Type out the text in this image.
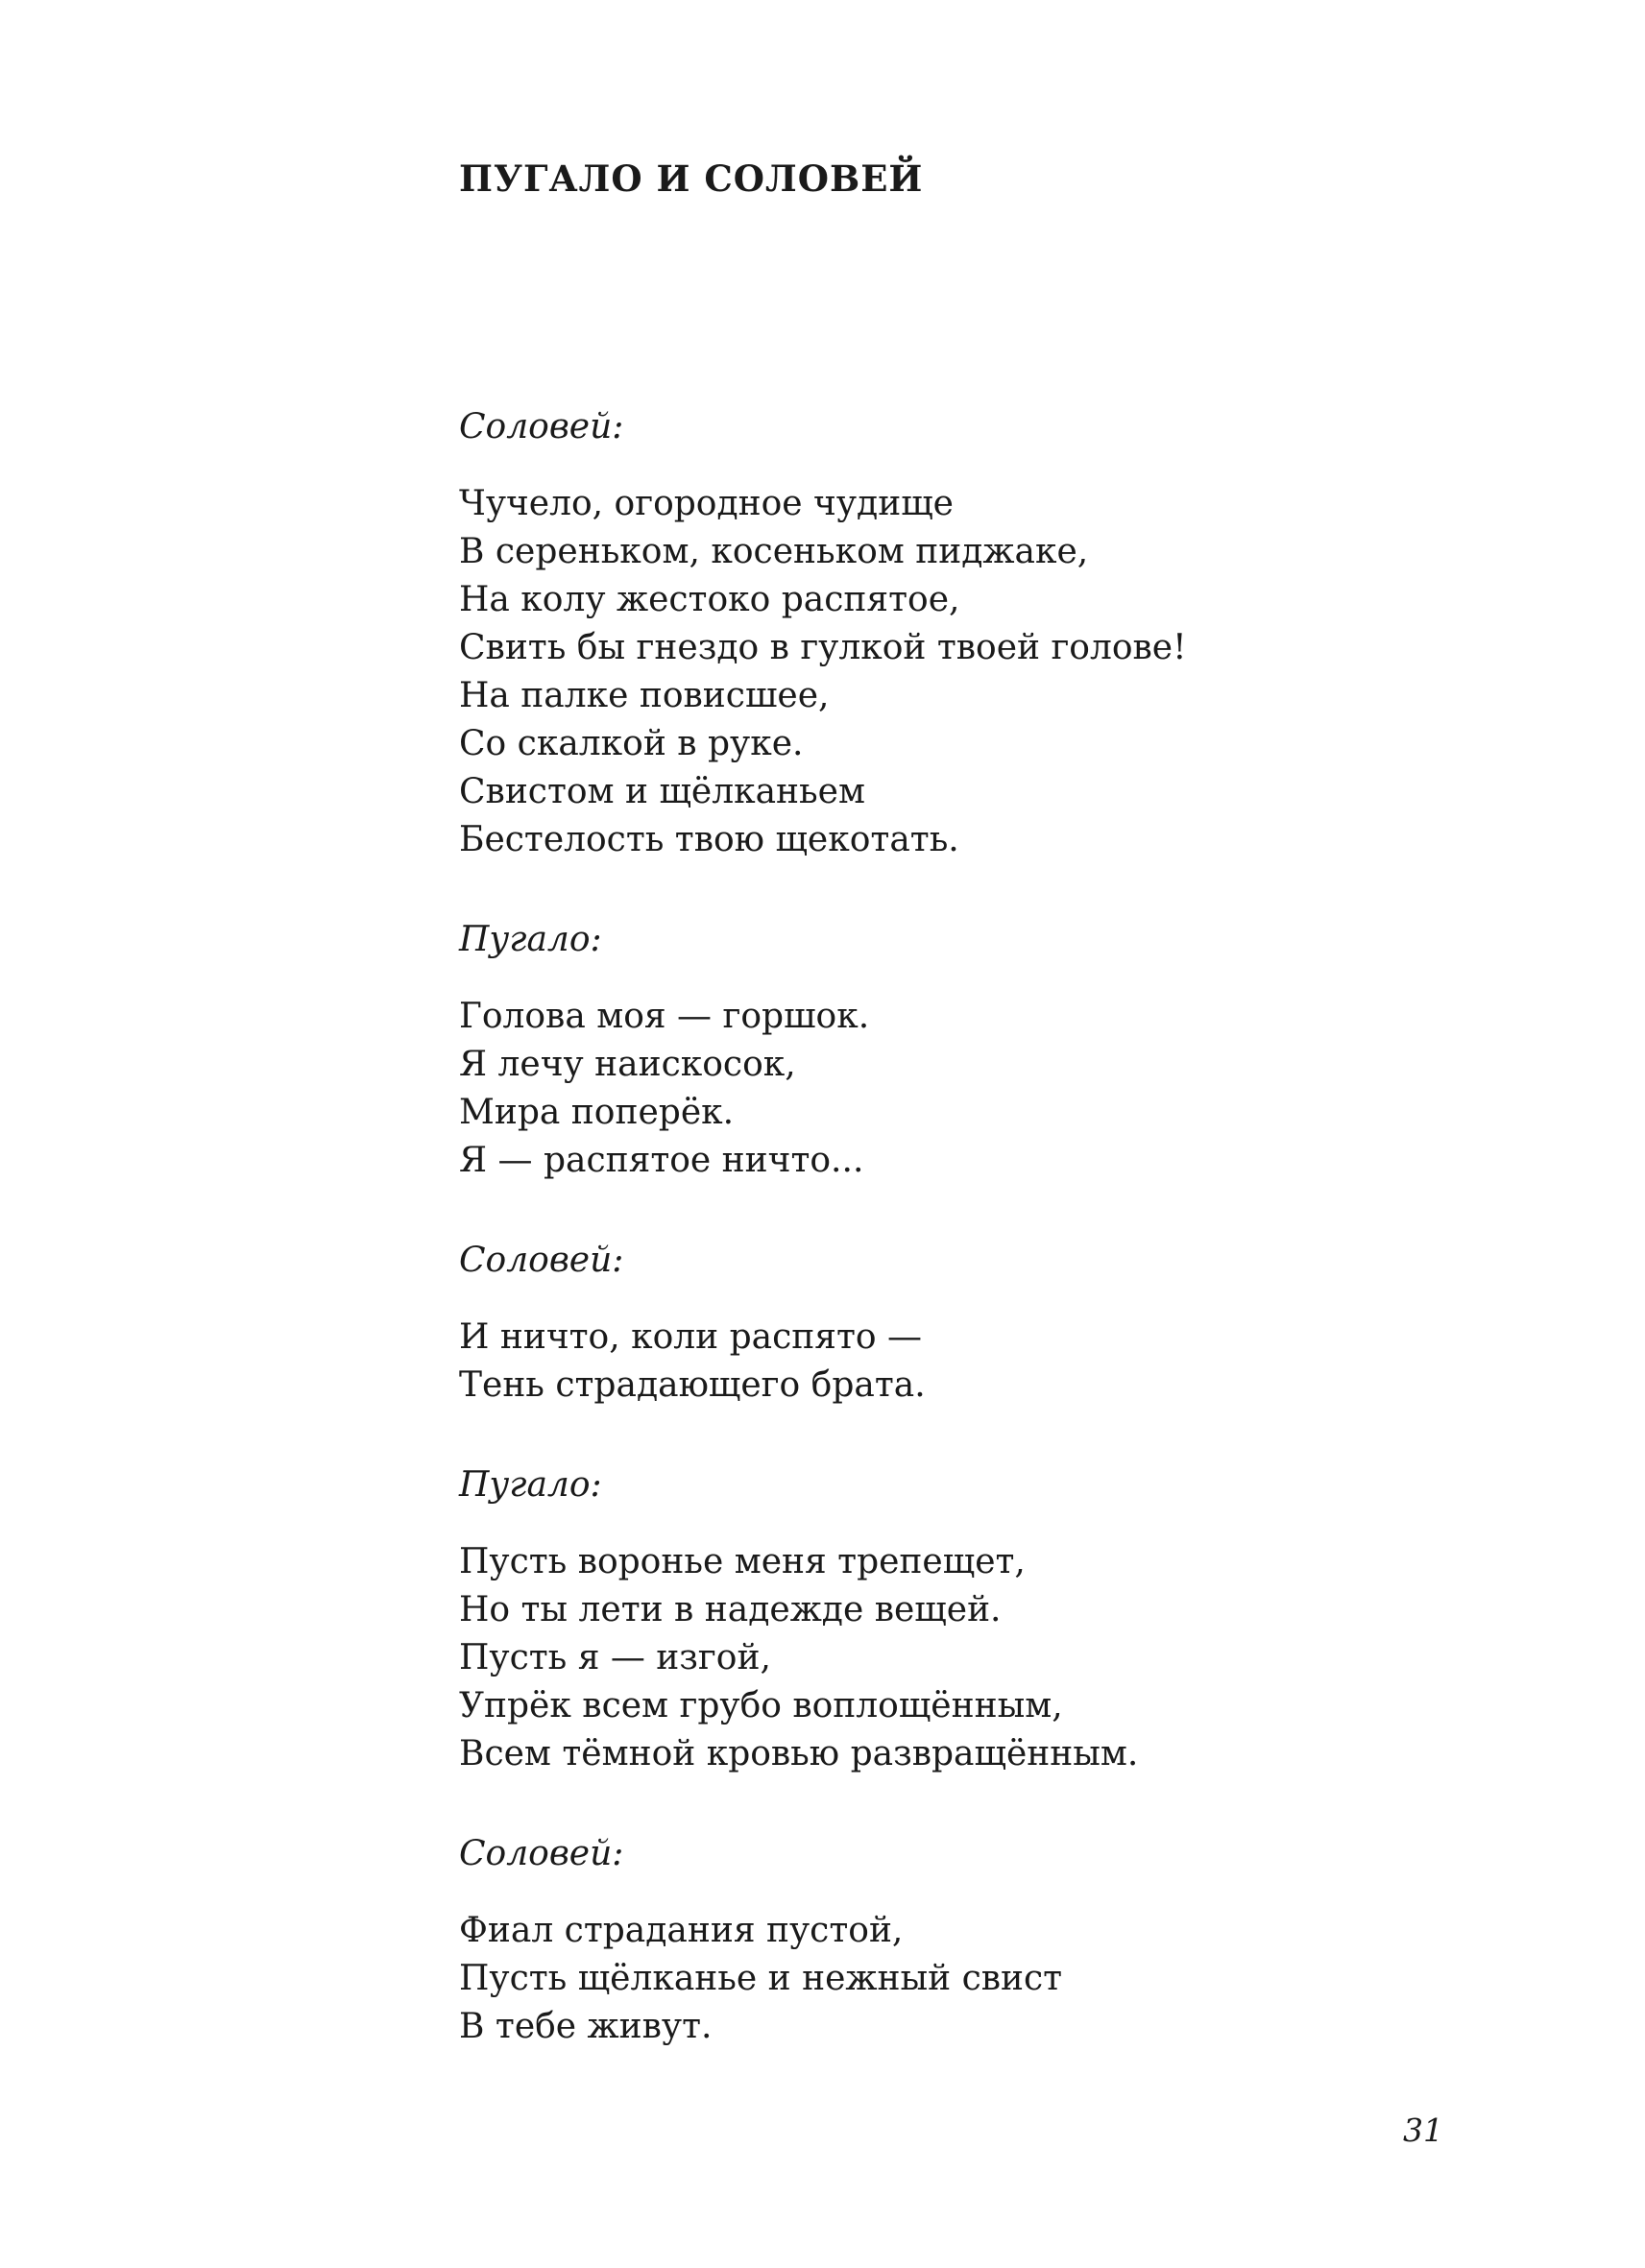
ПУГАЛО И СОЛОВЕЙ

Соловей:

Чучело, огородное чудище
В сереньком, косеньком пиджаке,
На колу жестоко распятое,
Свить бы гнездо в гулкой твоей голове!
На палке повисшее,
Со скалкой в руке.
Свистом и щёлканьем
Бестелость твою щекотать.

Пугало:

Голова моя — горшок.
Я лечу наискосок,
Мира поперёк.
Я — распятое ничто...

Соловей:

И ничто, коли распято —
Тень страдающего брата.

Пугало:

Пусть воронье меня трепещет,
Но ты лети в надежде вещей.
Пусть я — изгой,
Упрёк всем грубо воплощённым,
Всем тёмной кровью развращённым.

Соловей:

Фиал страдания пустой,
Пусть щёлканье и нежный свист
В тебе живут.
31
